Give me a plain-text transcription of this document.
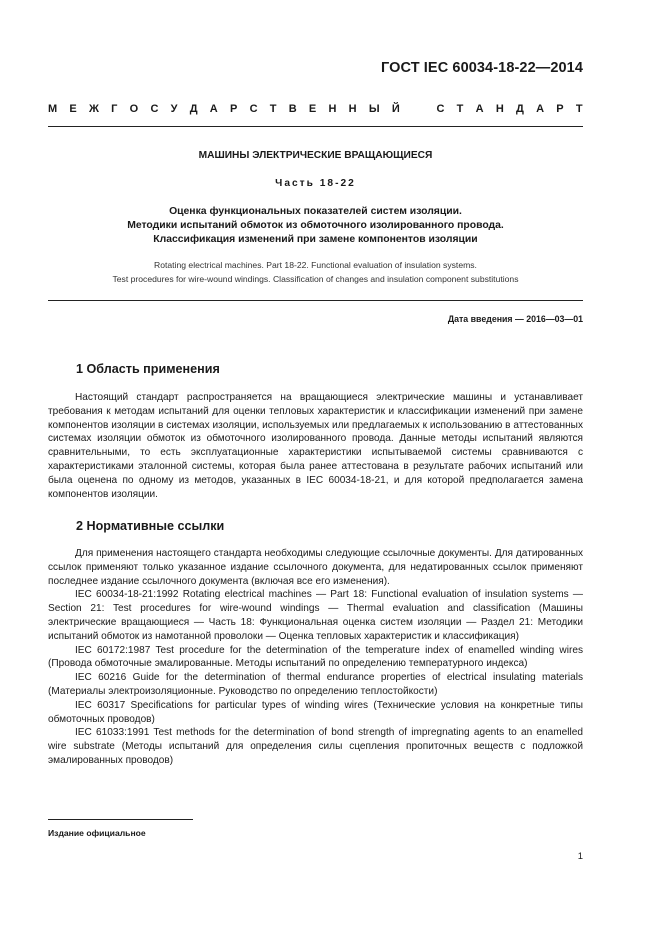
ГОСТ IEC 60034-18-22—2014
М Е Ж Г О С У Д А Р С Т В Е Н Н Ы Й	С Т А Н Д А Р Т
МАШИНЫ ЭЛЕКТРИЧЕСКИЕ ВРАЩАЮЩИЕСЯ
Часть 18-22
Оценка функциональных показателей систем изоляции.
Методики испытаний обмоток из обмоточного изолированного провода.
Классификация изменений при замене компонентов изоляции
Rotating electrical machines. Part 18-22. Functional evaluation of insulation systems.
Test procedures for wire-wound windings. Classification of changes and insulation component substitutions
Дата введения — 2016—03—01
1 Область применения

Настоящий стандарт распространяется на вращающиеся электрические машины и устанавливает требования к методам испытаний для оценки тепловых характеристик и классификации изменений при замене компонентов изоляции в системах изоляции, используемых или предлагаемых к использованию в аттестованных системах изоляции обмоток из обмоточного изолированного провода. Данные методы испытаний являются сравнительными, то есть эксплуатационные характеристики испытываемой системы сравниваются с характеристиками эталонной системы, которая была ранее аттестована в результате рабочих испытаний или была оценена по одному из методов, указанных в IEC 60034-18-21, и для которой предполагается замена компонентов изоляции.

2 Нормативные ссылки

Для применения настоящего стандарта необходимы следующие ссылочные документы. Для датированных ссылок применяют только указанное издание ссылочного документа, для недатированных ссылок применяют последнее издание ссылочного документа (включая все его изменения).

IEC 60034-18-21:1992 Rotating electrical machines — Part 18: Functional evaluation of insulation systems — Section 21: Test procedures for wire-wound windings — Thermal evaluation and classification (Машины электрические вращающиеся — Часть 18: Функциональная оценка систем изоляции — Раздел 21: Методики испытаний обмоток из намотанной проволоки — Оценка тепловых характеристик и классификация)

IEC 60172:1987 Test procedure for the determination of the temperature index of enamelled winding wires (Провода обмоточные эмалированные. Методы испытаний по определению температурного индекса)

IEC 60216 Guide for the determination of thermal endurance properties of electrical insulating materials (Материалы электроизоляционные. Руководство по определению теплостойкости)

IEC 60317 Specifications for particular types of winding wires (Технические условия на конкретные типы обмоточных проводов)

IEC 61033:1991 Test methods for the determination of bond strength of impregnating agents to an enamelled wire substrate (Методы испытаний для определения силы сцепления пропиточных веществ с подложкой эмалированных проводов)

Издание официальное
1
